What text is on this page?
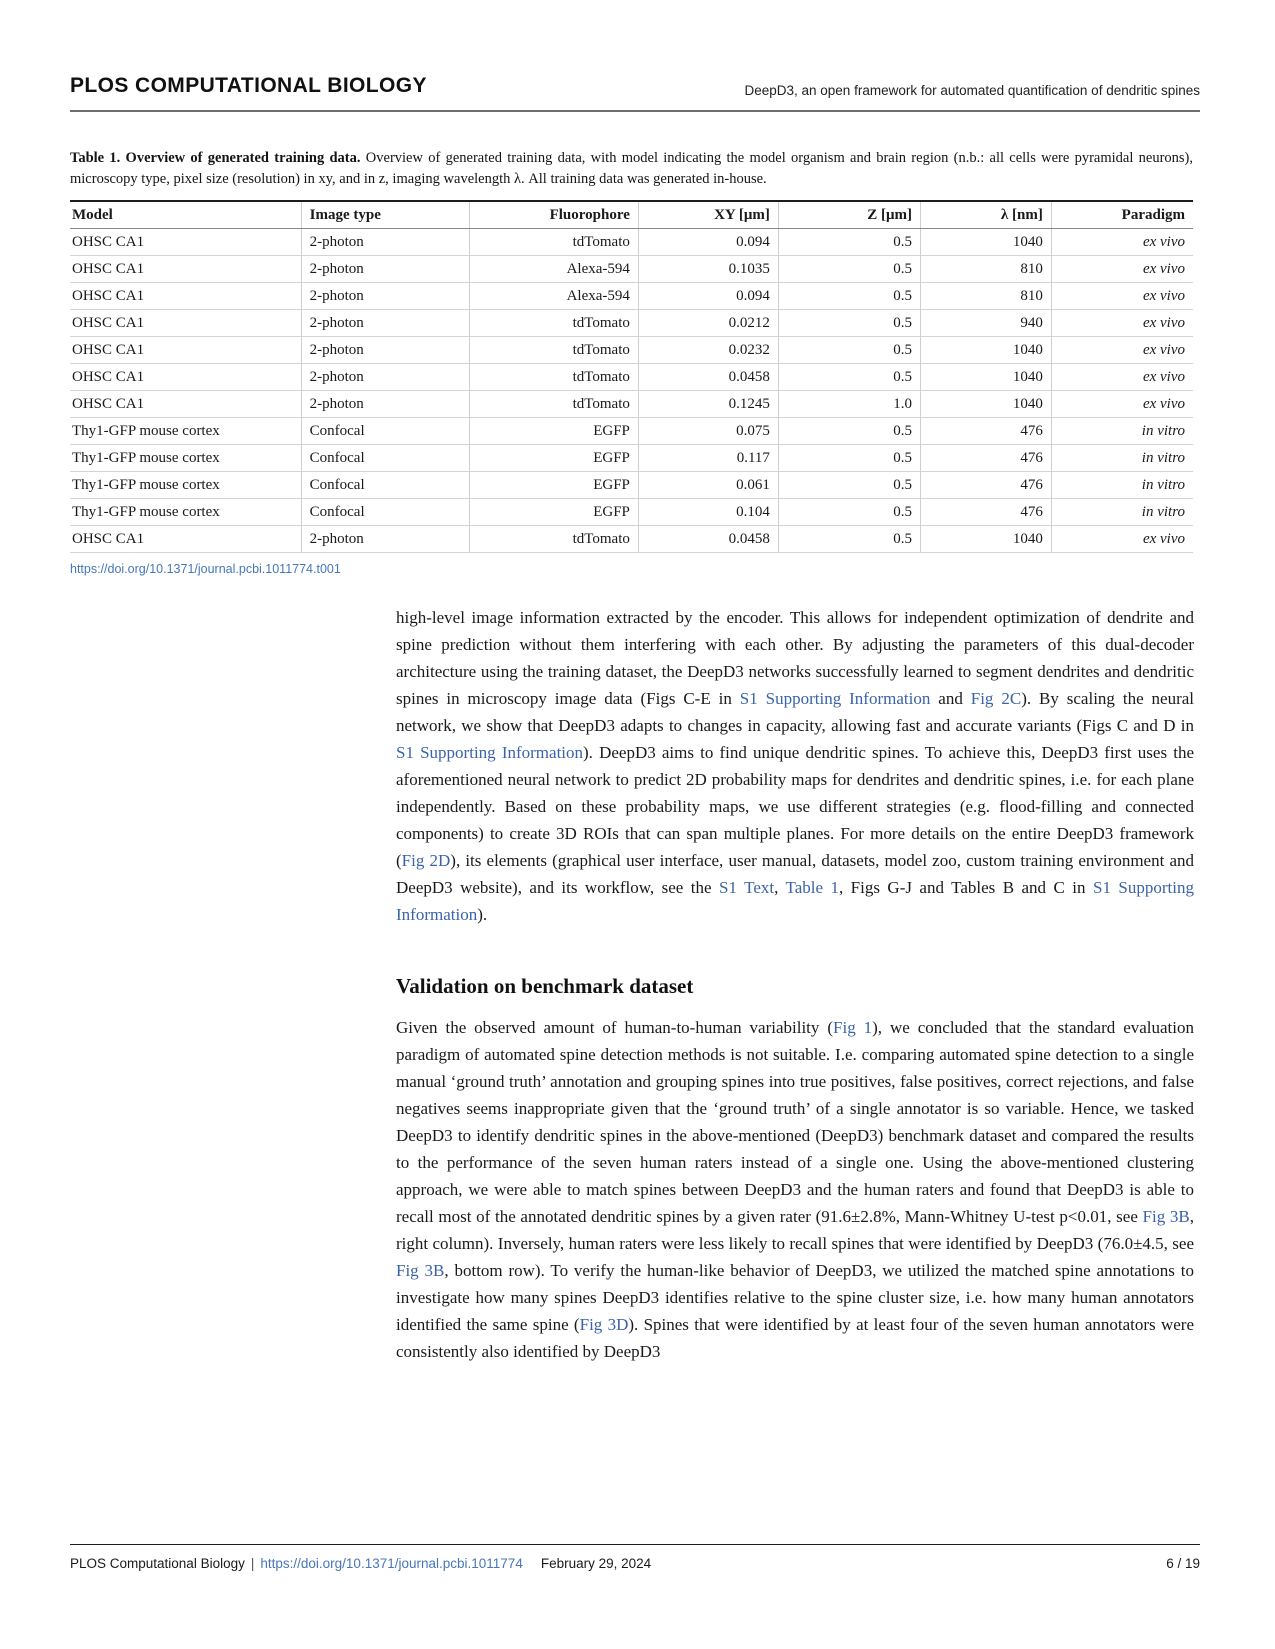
PLOS COMPUTATIONAL BIOLOGY	DeepD3, an open framework for automated quantification of dendritic spines
Table 1. Overview of generated training data. Overview of generated training data, with model indicating the model organism and brain region (n.b.: all cells were pyramidal neurons), microscopy type, pixel size (resolution) in xy, and in z, imaging wavelength λ. All training data was generated in-house.
Model	Image type	Fluorophore	XY [μm]	Z [μm]	λ [nm]	Paradigm
OHSC CA1	2-photon	tdTomato	0.094	0.5	1040	ex vivo
OHSC CA1	2-photon	Alexa-594	0.1035	0.5	810	ex vivo
OHSC CA1	2-photon	Alexa-594	0.094	0.5	810	ex vivo
OHSC CA1	2-photon	tdTomato	0.0212	0.5	940	ex vivo
OHSC CA1	2-photon	tdTomato	0.0232	0.5	1040	ex vivo
OHSC CA1	2-photon	tdTomato	0.0458	0.5	1040	ex vivo
OHSC CA1	2-photon	tdTomato	0.1245	1.0	1040	ex vivo
Thy1-GFP mouse cortex	Confocal	EGFP	0.075	0.5	476	in vitro
Thy1-GFP mouse cortex	Confocal	EGFP	0.117	0.5	476	in vitro
Thy1-GFP mouse cortex	Confocal	EGFP	0.061	0.5	476	in vitro
Thy1-GFP mouse cortex	Confocal	EGFP	0.104	0.5	476	in vitro
OHSC CA1	2-photon	tdTomato	0.0458	0.5	1040	ex vivo
https://doi.org/10.1371/journal.pcbi.1011774.t001

high-level image information extracted by the encoder. This allows for independent optimization of dendrite and spine prediction without them interfering with each other. By adjusting the parameters of this dual-decoder architecture using the training dataset, the DeepD3 networks successfully learned to segment dendrites and dendritic spines in microscopy image data (Figs C-E in S1 Supporting Information and Fig 2C). By scaling the neural network, we show that DeepD3 adapts to changes in capacity, allowing fast and accurate variants (Figs C and D in S1 Supporting Information). DeepD3 aims to find unique dendritic spines. To achieve this, DeepD3 first uses the aforementioned neural network to predict 2D probability maps for dendrites and dendritic spines, i.e. for each plane independently. Based on these probability maps, we use different strategies (e.g. flood-filling and connected components) to create 3D ROIs that can span multiple planes. For more details on the entire DeepD3 framework (Fig 2D), its elements (graphical user interface, user manual, datasets, model zoo, custom training environment and DeepD3 website), and its workflow, see the S1 Text, Table 1, Figs G-J and Tables B and C in S1 Supporting Information).

Validation on benchmark dataset

Given the observed amount of human-to-human variability (Fig 1), we concluded that the standard evaluation paradigm of automated spine detection methods is not suitable. I.e. comparing automated spine detection to a single manual ‘ground truth’ annotation and grouping spines into true positives, false positives, correct rejections, and false negatives seems inappropriate given that the ‘ground truth’ of a single annotator is so variable. Hence, we tasked DeepD3 to identify dendritic spines in the above-mentioned (DeepD3) benchmark dataset and compared the results to the performance of the seven human raters instead of a single one. Using the above-mentioned clustering approach, we were able to match spines between DeepD3 and the human raters and found that DeepD3 is able to recall most of the annotated dendritic spines by a given rater (91.6±2.8%, Mann-Whitney U-test p<0.01, see Fig 3B, right column). Inversely, human raters were less likely to recall spines that were identified by DeepD3 (76.0±4.5, see Fig 3B, bottom row). To verify the human-like behavior of DeepD3, we utilized the matched spine annotations to investigate how many spines DeepD3 identifies relative to the spine cluster size, i.e. how many human annotators identified the same spine (Fig 3D). Spines that were identified by at least four of the seven human annotators were consistently also identified by DeepD3

PLOS Computational Biology | https://doi.org/10.1371/journal.pcbi.1011774 February 29, 2024	6 / 19
